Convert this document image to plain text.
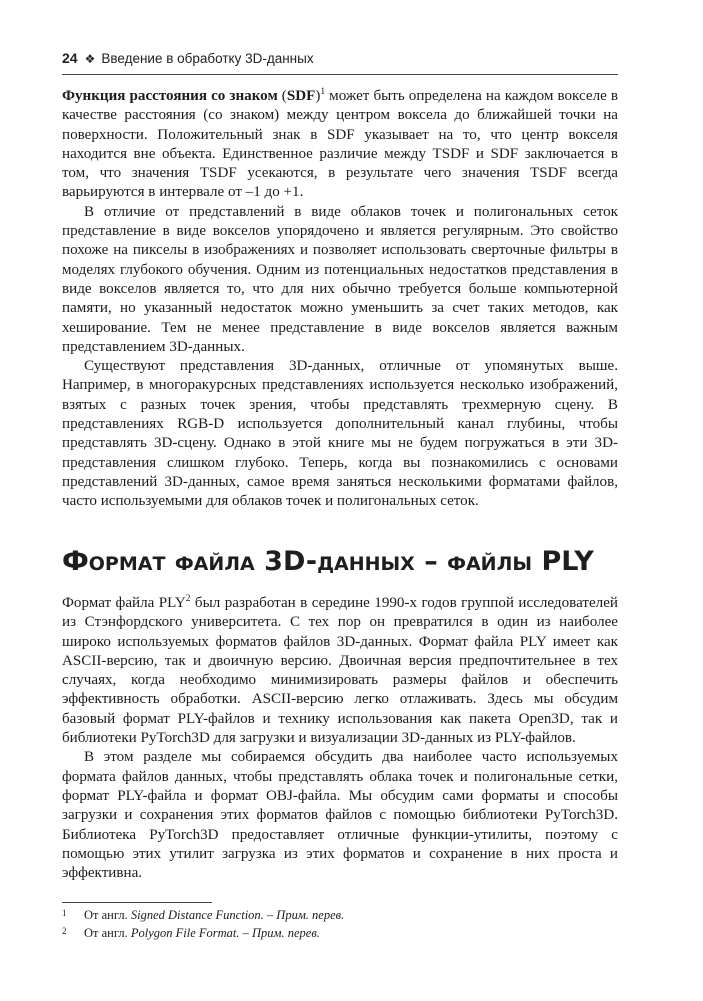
24 ❖ Введение в обработку 3D-данных

Функция расстояния со знаком (SDF)$^1$ может быть определена на каждом вокселе в качестве расстояния (со знаком) между центром воксела до ближайшей точки на поверхности. Положительный знак в SDF указывает на то, что центр вокселя находится вне объекта. Единственное различие между TSDF и SDF заключается в том, что значения TSDF усекаются, в результате чего значения TSDF всегда варьируются в интервале от –1 до +1.

В отличие от представлений в виде облаков точек и полигональных сеток представление в виде вокселов упорядочено и является регулярным. Это свойство похоже на пикселы в изображениях и позволяет использовать сверточные фильтры в моделях глубокого обучения. Одним из потенциальных недостатков представления в виде вокселов является то, что для них обычно требуется больше компьютерной памяти, но указанный недостаток можно уменьшить за счет таких методов, как хеширование. Тем не менее представление в виде вокселов является важным представлением 3D-данных.

Существуют представления 3D-данных, отличные от упомянутых выше. Например, в многоракурсных представлениях используется несколько изображений, взятых с разных точек зрения, чтобы представлять трехмерную сцену. В представлениях RGB-D используется дополнительный канал глубины, чтобы представлять 3D-сцену. Однако в этой книге мы не будем погружаться в эти 3D-представления слишком глубоко. Теперь, когда вы познакомились с основами представлений 3D-данных, самое время заняться несколькими форматами файлов, часто используемыми для облаков точек и полигональных сеток.

Формат файла 3D-данных – файлы PLY

Формат файла PLY$^2$ был разработан в середине 1990-х годов группой исследователей из Стэнфордского университета. С тех пор он превратился в один из наиболее широко используемых форматов файлов 3D-данных. Формат файла PLY имеет как ASCII-версию, так и двоичную версию. Двоичная версия предпочтительнее в тех случаях, когда необходимо минимизировать размеры файлов и обеспечить эффективность обработки. ASCII-версию легко отлаживать. Здесь мы обсудим базовый формат PLY-файлов и технику использования как пакета Open3D, так и библиотеки PyTorch3D для загрузки и визуализации 3D-данных из PLY-файлов.

В этом разделе мы собираемся обсудить два наиболее часто используемых формата файлов данных, чтобы представлять облака точек и полигональные сетки, формат PLY-файла и формат OBJ-файла. Мы обсудим сами форматы и способы загрузки и сохранения этих форматов файлов с помощью библиотеки PyTorch3D. Библиотека PyTorch3D предоставляет отличные функции-утилиты, поэтому с помощью этих утилит загрузка из этих форматов и сохранение в них проста и эффективна.

1 От англ. Signed Distance Function. – Прим. перев.
2 От англ. Polygon File Format. – Прим. перев.
